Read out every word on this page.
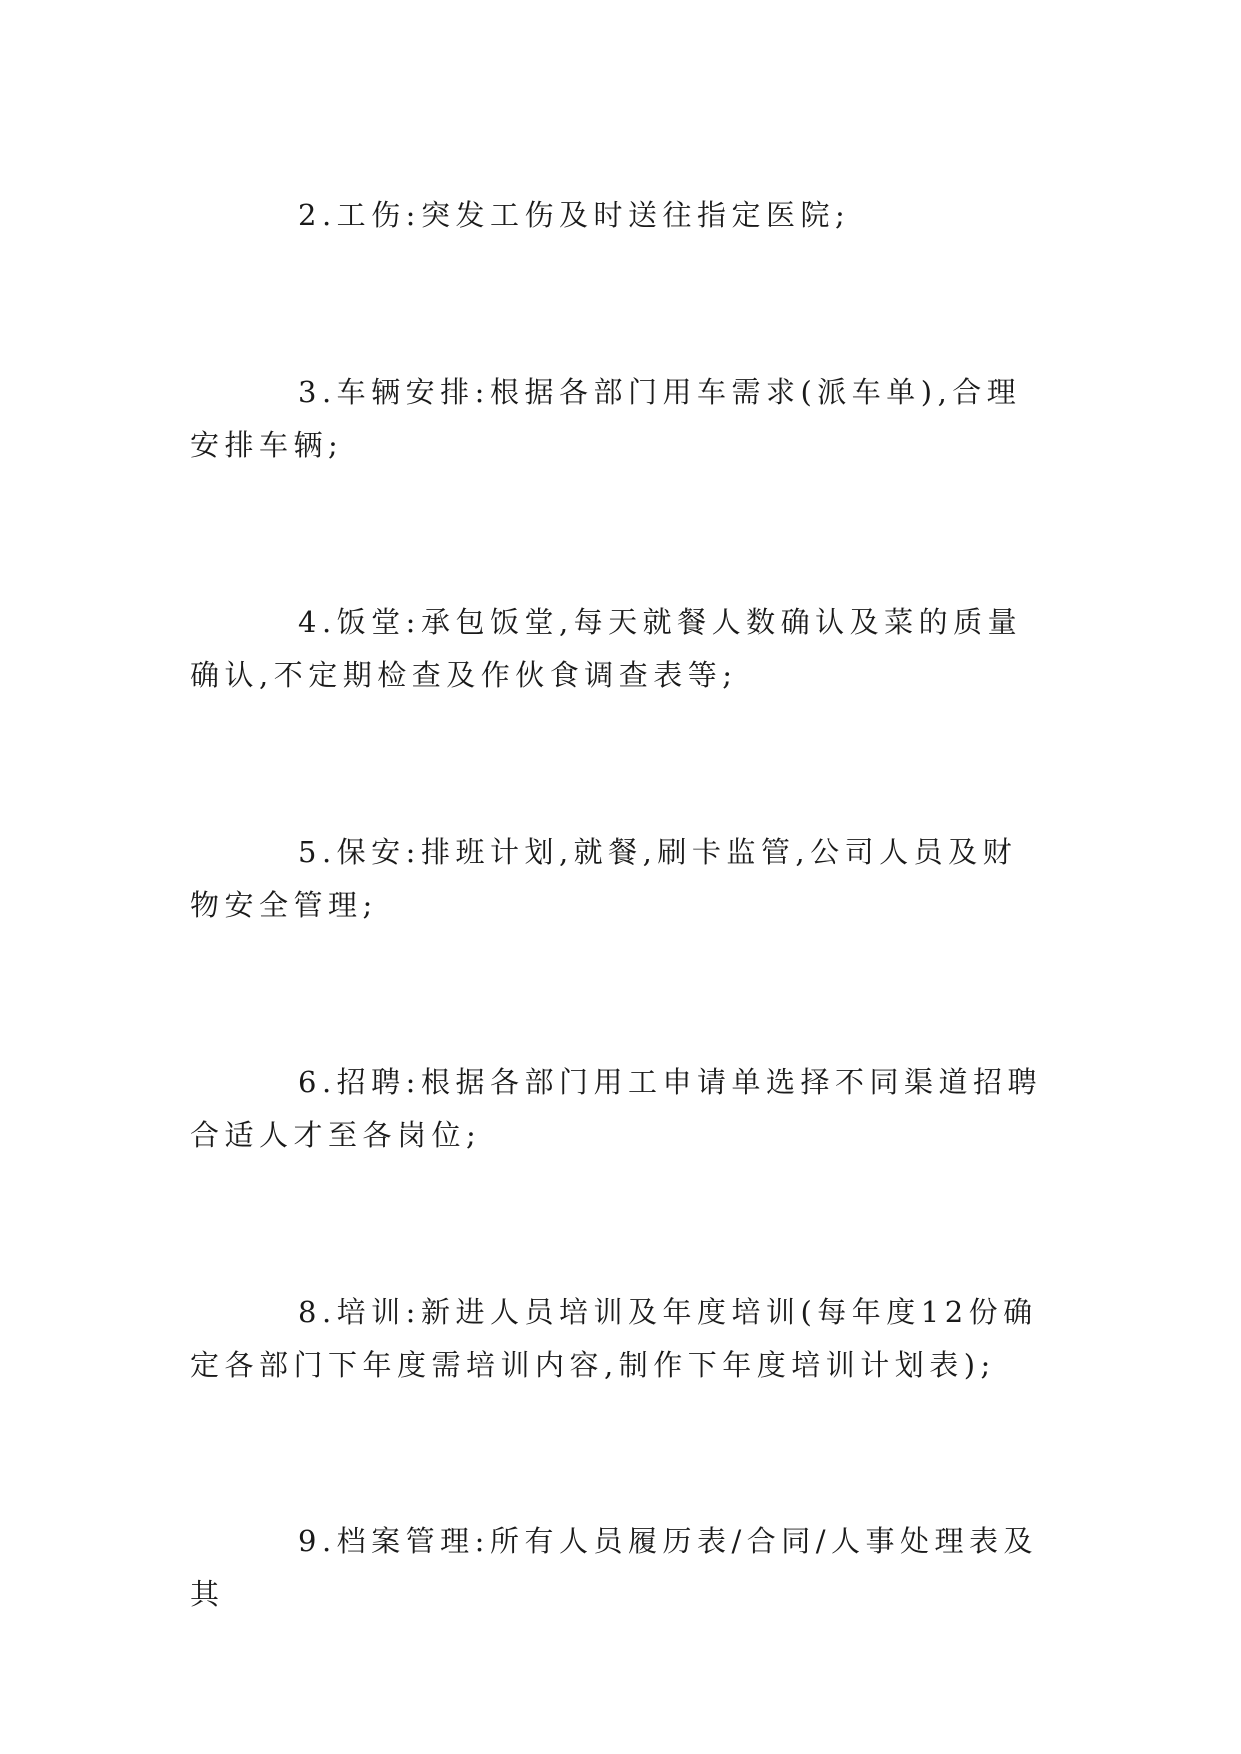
2.工伤:突发工伤及时送往指定医院;

3.车辆安排:根据各部门用车需求(派车单),合理安排车辆;

4.饭堂:承包饭堂,每天就餐人数确认及菜的质量确认,不定期检查及作伙食调查表等;

5.保安:排班计划,就餐,刷卡监管,公司人员及财物安全管理;

6.招聘:根据各部门用工申请单选择不同渠道招聘合适人才至各岗位;

8.培训:新进人员培训及年度培训(每年度12份确定各部门下年度需培训内容,制作下年度培训计划表);

9.档案管理:所有人员履历表/合同/人事处理表及其
